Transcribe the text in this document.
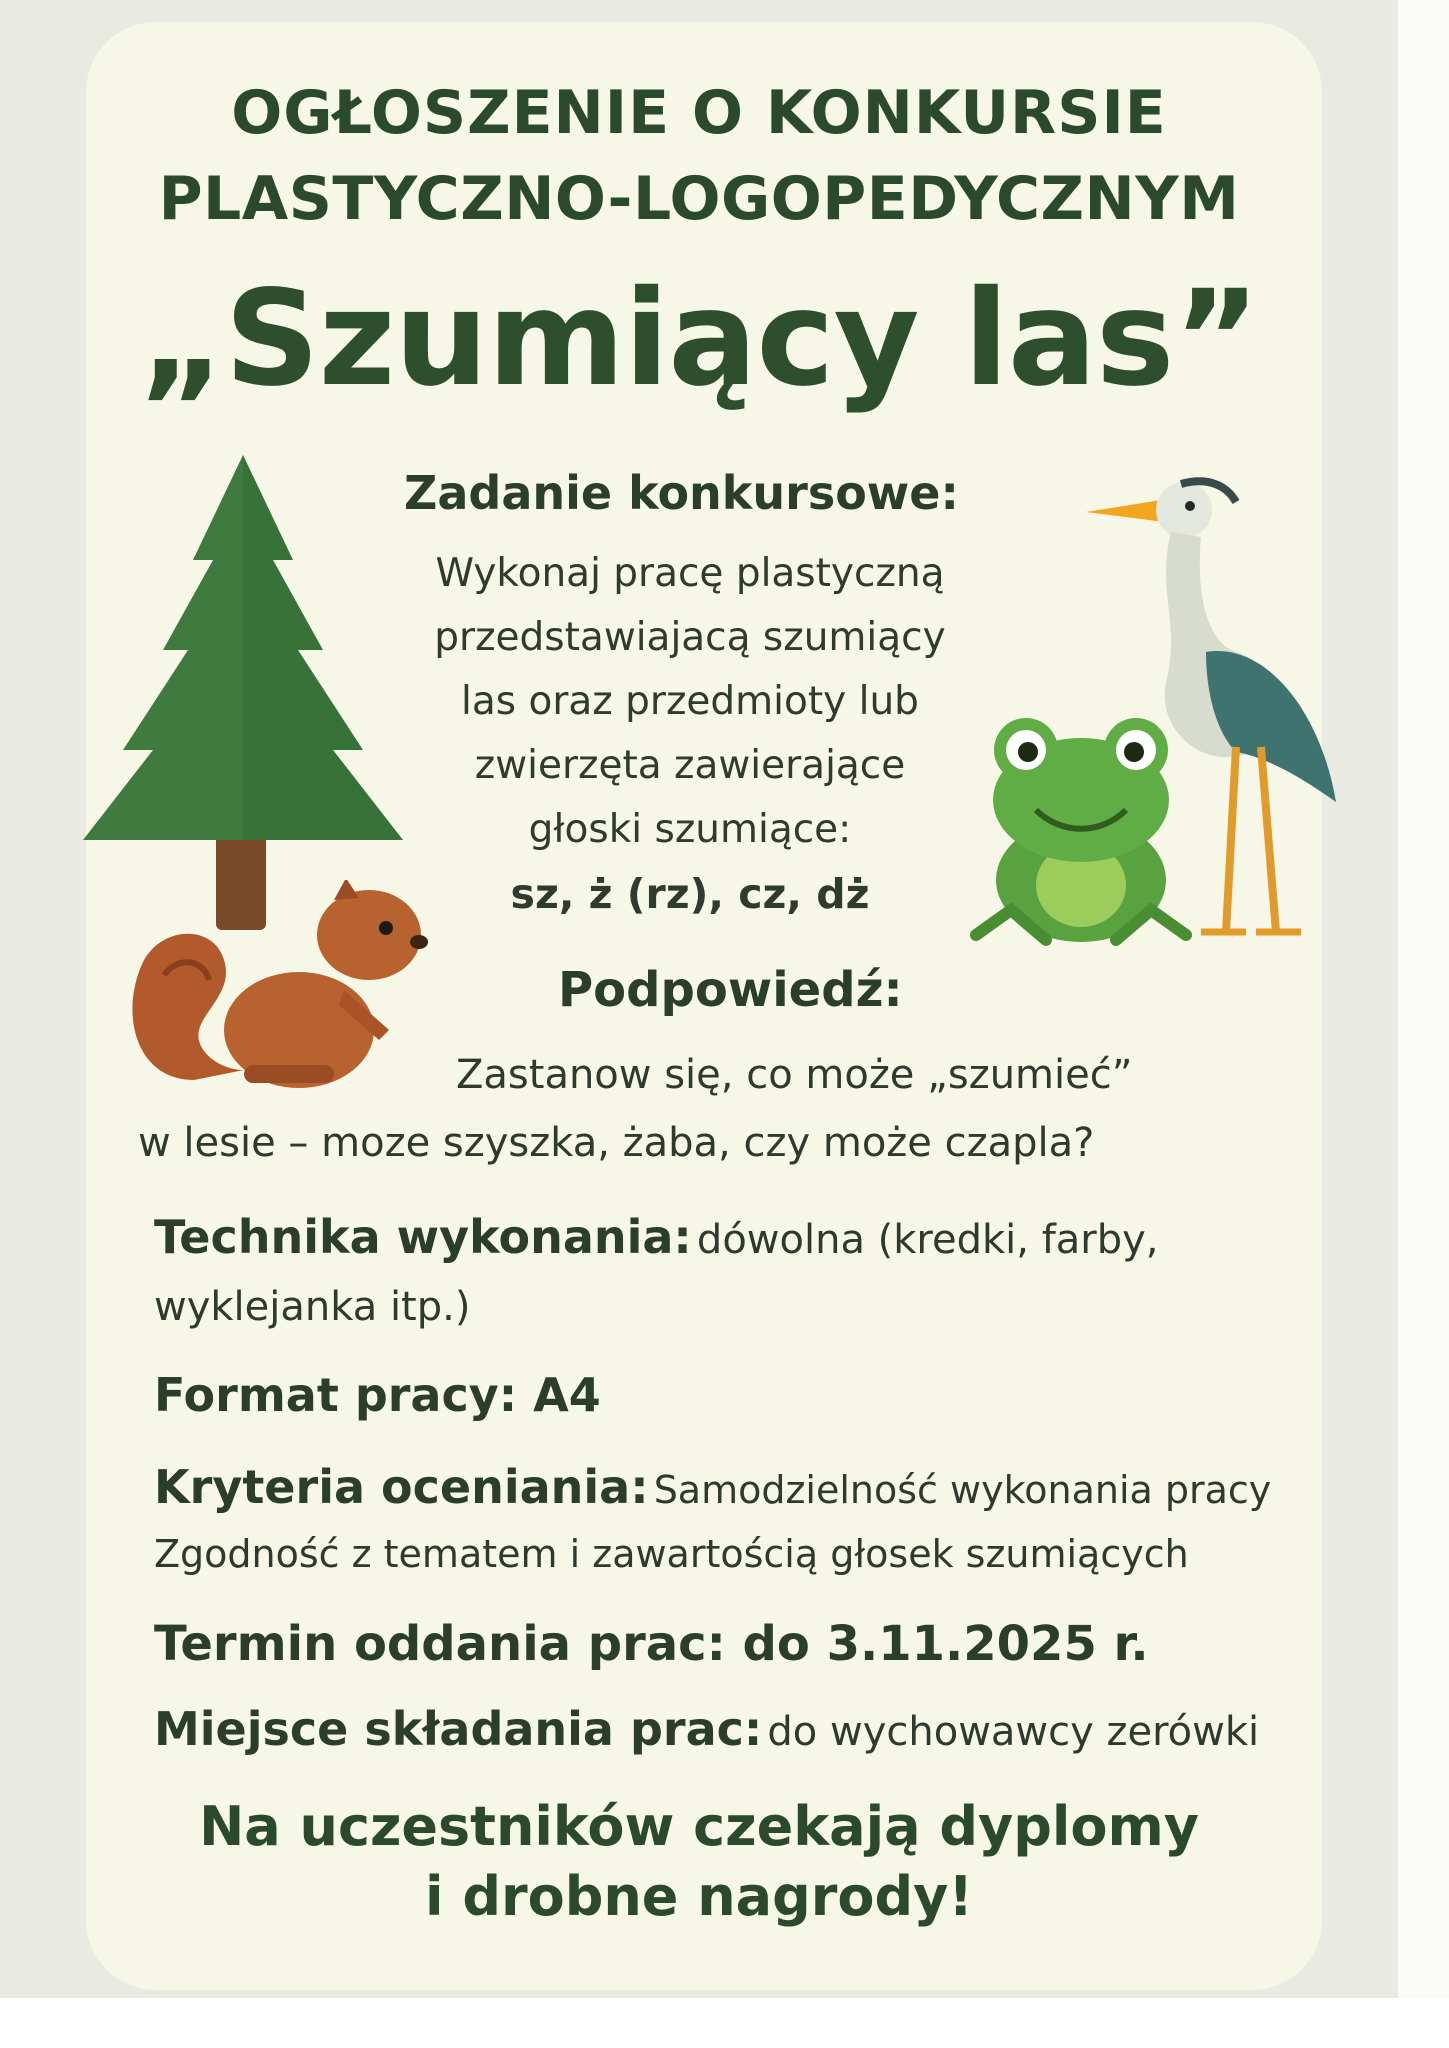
OGŁOSZENIE O KONKURSIE

PLASTYCZNO-LOGOPEDYCZNYM

„Szumiący las”

Zadanie konkursowe:

Wykonaj pracę plastyczną
przedstawiajacą szumiący
las oraz przedmioty lub
zwierzęta zawierające
głoski szumiące:
sz, ż (rz), cz, dż

Podpowiedź:

Zastanow się, co może „szumieć”

w lesie – moze szyszka, żaba, czy może czapla?

Technika wykonania: dówolna (kredki, farby,
wyklejanka itp.)
Format pracy: A4
Kryteria oceniania: Samodzielność wykonania pracy
Zgodność z tematem i zawartością głosek szumiących
Termin oddania prac: do 3.11.2025 r.
Miejsce składania prac: do wychowawcy zerówki
Na uczestników czekają dyplomy
i drobne nagrody!
